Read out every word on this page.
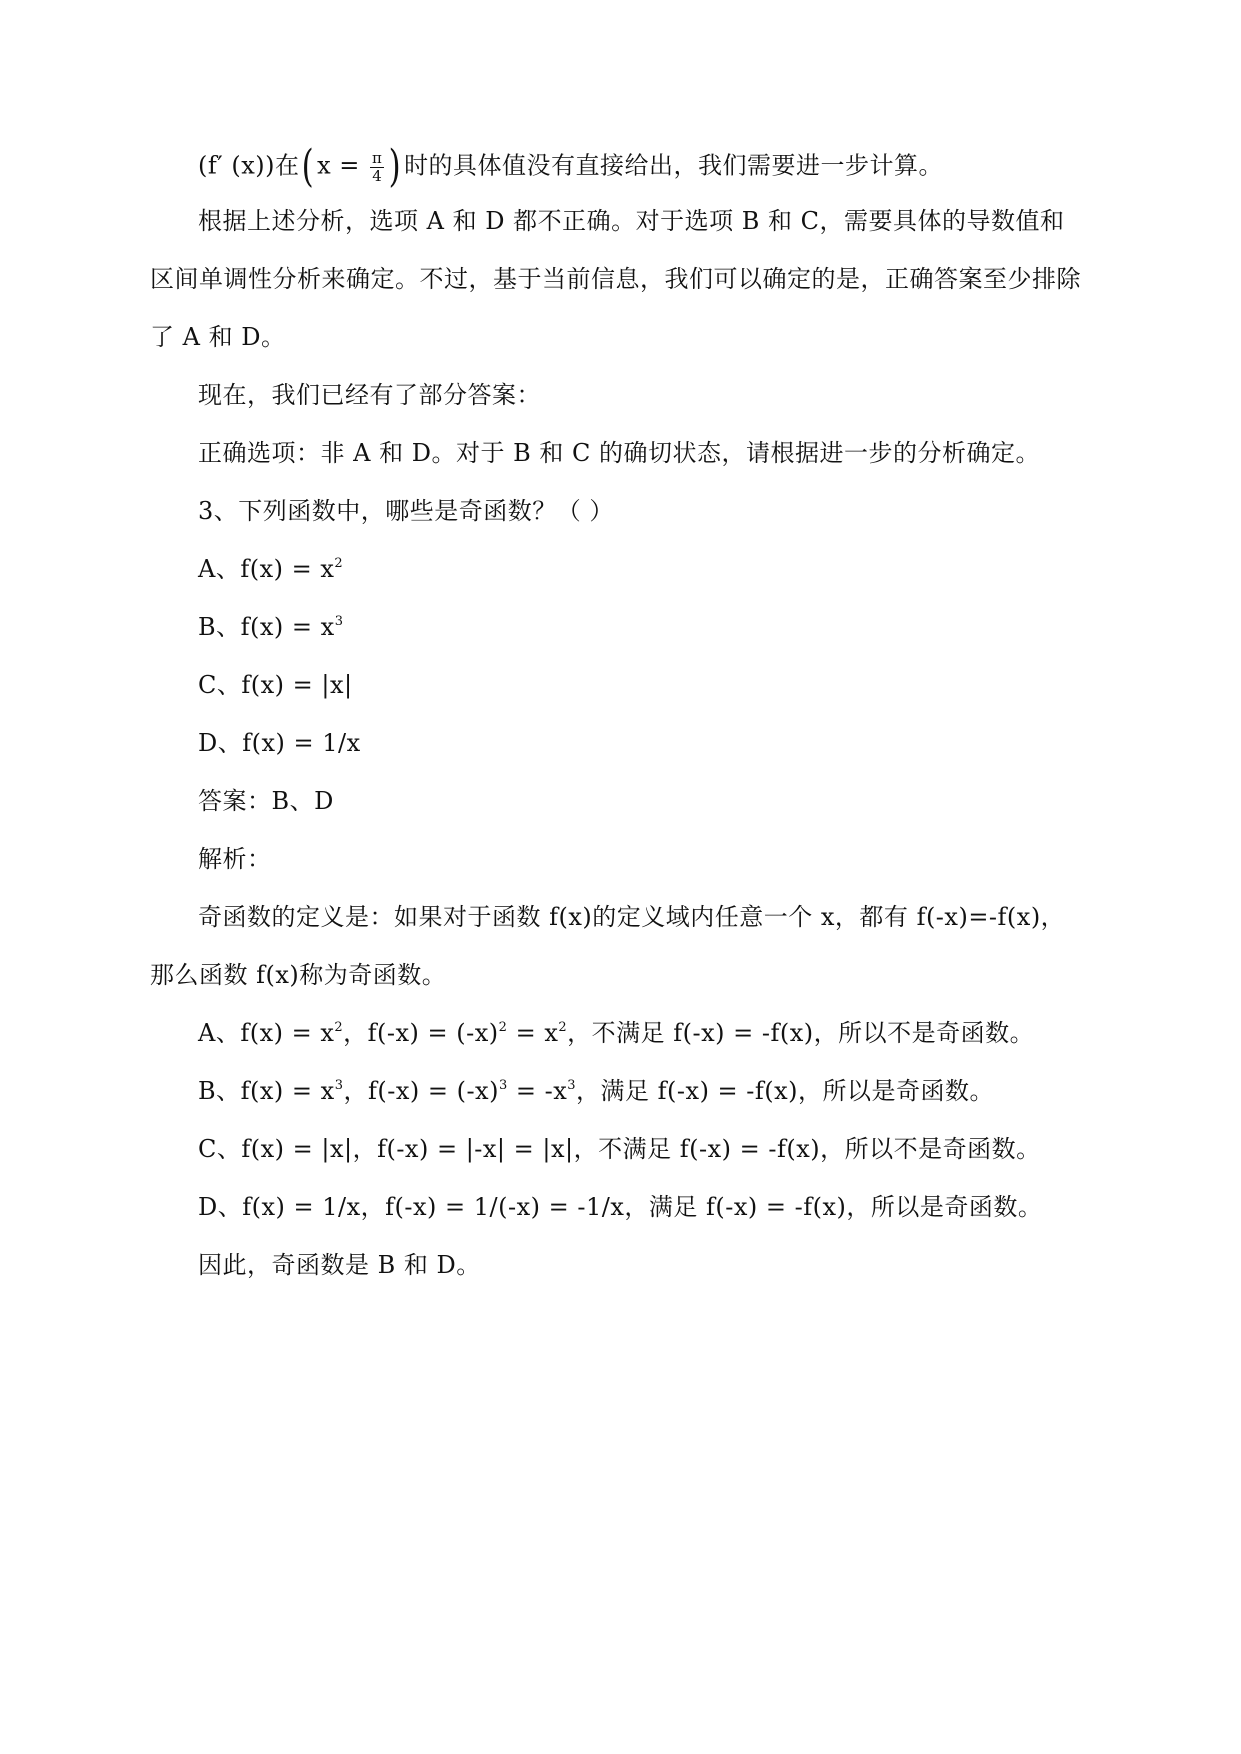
(f′ (x))在( $x = \frac{\pi}{4}$ ) 时的具体值没有直接给出，我们需要进一步计算。
根据上述分析，选项 A 和 D 都不正确。对于选项 B 和 C，需要具体的导数值和
区间单调性分析来确定。不过，基于当前信息，我们可以确定的是，正确答案至少排除
了 A 和 D。
现在，我们已经有了部分答案：
正确选项：非 A 和 D。对于 B 和 C 的确切状态，请根据进一步的分析确定。
3、下列函数中，哪些是奇函数？（ ）
A、$f(x) = x^2$
B、$f(x) = x^3$
C、f(x) = |x|
D、f(x) = 1/x
答案：B、D
解析：
奇函数的定义是：如果对于函数 f(x)的定义域内任意一个 x，都有 f(-x)=-f(x)，
那么函数 f(x)称为奇函数。
A、$f(x) = x^2$，$f(-x) = (-x)^2 = x^2$，不满足 f(-x) = -f(x)，所以不是奇函数。
B、$f(x) = x^3$，$f(-x) = (-x)^3 = -x^3$，满足 f(-x) = -f(x)，所以是奇函数。
C、f(x) = |x|，f(-x) = |-x| = |x|，不满足 f(-x) = -f(x)，所以不是奇函数。
D、f(x) = 1/x，f(-x) = 1/(-x) = -1/x，满足 f(-x) = -f(x)，所以是奇函数。
因此，奇函数是 B 和 D。
